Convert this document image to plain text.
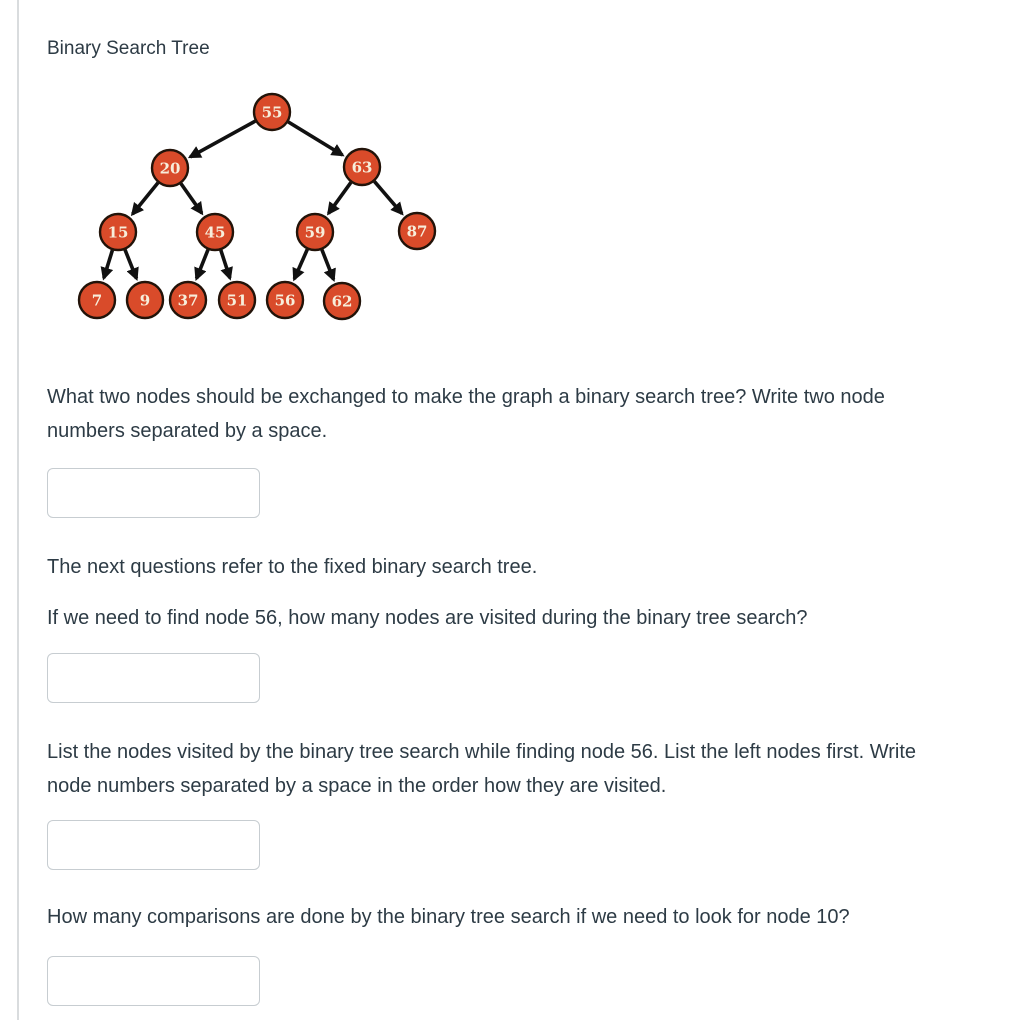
Binary Search Tree
55
20	63
15	45	59	87
7	9 37 51 56 62
What two nodes should be exchanged to make the graph a binary search tree? Write two node
numbers separated by a space.
The next questions refer to the fixed binary search tree.
If we need to find node 56, how many nodes are visited during the binary tree search?
List the nodes visited by the binary tree search while finding node 56. List the left nodes first. Write
node numbers separated by a space in the order how they are visited.
How many comparisons are done by the binary tree search if we need to look for node 10?
